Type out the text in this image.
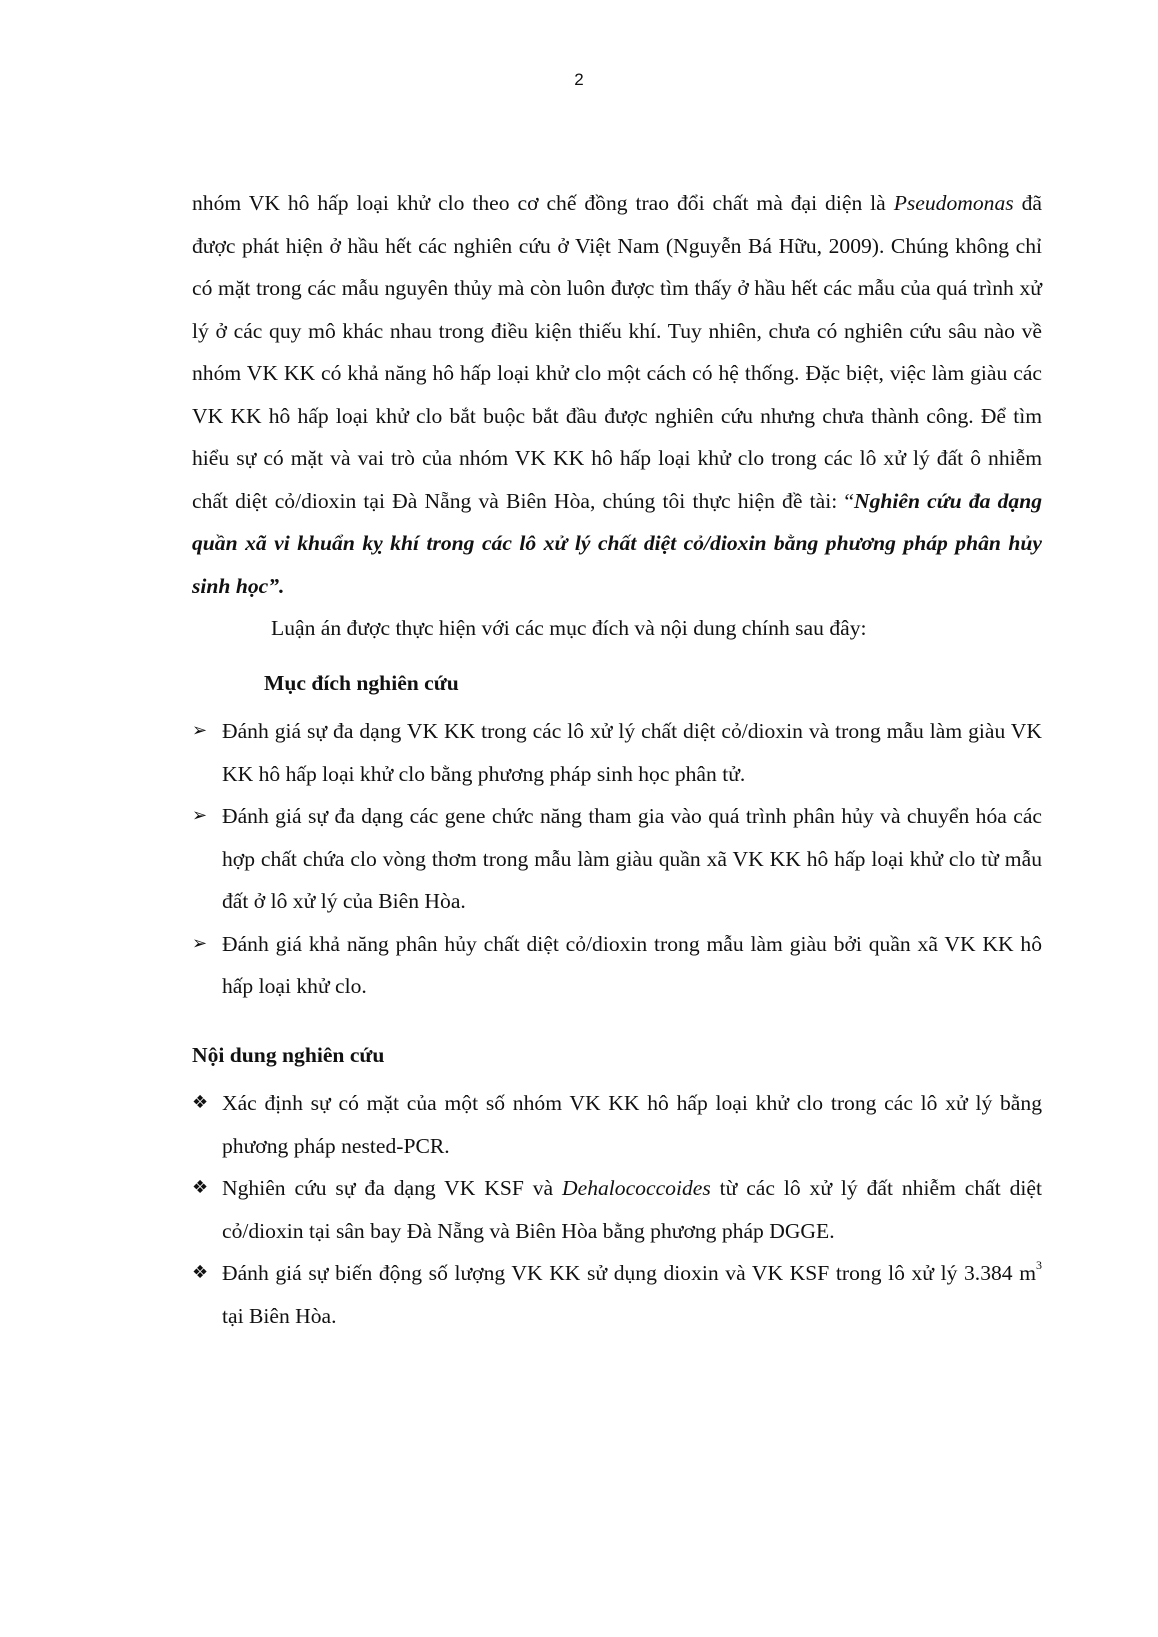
2

nhóm VK hô hấp loại khử clo theo cơ chế đồng trao đổi chất mà đại diện là Pseudomonas đã được phát hiện ở hầu hết các nghiên cứu ở Việt Nam (Nguyễn Bá Hữu, 2009). Chúng không chỉ có mặt trong các mẫu nguyên thủy mà còn luôn được tìm thấy ở hầu hết các mẫu của quá trình xử lý ở các quy mô khác nhau trong điều kiện thiếu khí. Tuy nhiên, chưa có nghiên cứu sâu nào về nhóm VK KK có khả năng hô hấp loại khử clo một cách có hệ thống. Đặc biệt, việc làm giàu các VK KK hô hấp loại khử clo bắt buộc bắt đầu được nghiên cứu nhưng chưa thành công. Để tìm hiểu sự có mặt và vai trò của nhóm VK KK hô hấp loại khử clo trong các lô xử lý đất ô nhiễm chất diệt cỏ/dioxin tại Đà Nẵng và Biên Hòa, chúng tôi thực hiện đề tài: “Nghiên cứu đa dạng quần xã vi khuẩn kỵ khí trong các lô xử lý chất diệt cỏ/dioxin bằng phương pháp phân hủy sinh học”.

Luận án được thực hiện với các mục đích và nội dung chính sau đây:

Mục đích nghiên cứu
➢ Đánh giá sự đa dạng VK KK trong các lô xử lý chất diệt cỏ/dioxin và trong mẫu làm giàu VK KK hô hấp loại khử clo bằng phương pháp sinh học phân tử.
➢ Đánh giá sự đa dạng các gene chức năng tham gia vào quá trình phân hủy và chuyển hóa các hợp chất chứa clo vòng thơm trong mẫu làm giàu quần xã VK KK hô hấp loại khử clo từ mẫu đất ở lô xử lý của Biên Hòa.
➢ Đánh giá khả năng phân hủy chất diệt cỏ/dioxin trong mẫu làm giàu bởi quần xã VK KK hô hấp loại khử clo.
Nội dung nghiên cứu
❖ Xác định sự có mặt của một số nhóm VK KK hô hấp loại khử clo trong các lô xử lý bằng phương pháp nested-PCR.
❖ Nghiên cứu sự đa dạng VK KSF và Dehalococcoides từ các lô xử lý đất nhiễm chất diệt cỏ/dioxin tại sân bay Đà Nẵng và Biên Hòa bằng phương pháp DGGE.
❖ Đánh giá sự biến động số lượng VK KK sử dụng dioxin và VK KSF trong lô xử lý 3.384 $m^3$ tại Biên Hòa.
